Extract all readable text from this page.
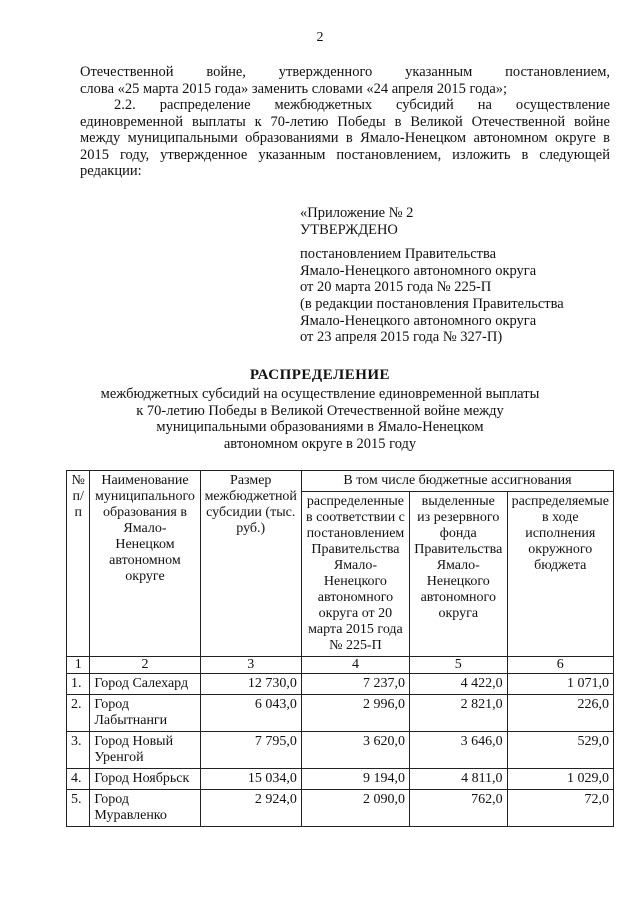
2
Отечественной войне, утвержденного указанным постановлением,
слова «25 марта 2015 года» заменить словами «24 апреля 2015 года»;
2.2. распределение межбюджетных субсидий на осуществление
единовременной выплаты к 70-летию Победы в Великой Отечественной войне
между муниципальными образованиями в Ямало-Ненецком автономном округе в
2015 году, утвержденное указанным постановлением, изложить в следующей
редакции:
«Приложение № 2
УТВЕРЖДЕНО
постановлением Правительства
Ямало-Ненецкого автономного округа
от 20 марта 2015 года № 225-П
(в редакции постановления Правительства
Ямало-Ненецкого автономного округа
от 23 апреля 2015 года № 327-П)
РАСПРЕДЕЛЕНИЕ
межбюджетных субсидий на осуществление единовременной выплаты
к 70-летию Победы в Великой Отечественной войне между
муниципальными образованиями в Ямало-Ненецком
автономном округе в 2015 году
№ п/п	Наименование муниципального образования в Ямало-Ненецком автономном округе	Размер межбюджетной субсидии (тыс. руб.)	В том числе бюджетные ассигнования		
			распределенные в соответствии с постановлением Правительства Ямало-Ненецкого автономного округа от 20 марта 2015 года № 225-П	выделенные из резервного фонда Правительства Ямало-Ненецкого автономного округа	распределяемые в ходе исполнения окружного бюджета
1	2	3	4	5	6
1.	Город Салехард	12 730,0	7 237,0	4 422,0	1 071,0
2.	Город Лабытнанги	6 043,0	2 996,0	2 821,0	226,0
3.	Город Новый Уренгой	7 795,0	3 620,0	3 646,0	529,0
4.	Город Ноябрьск	15 034,0	9 194,0	4 811,0	1 029,0
5.	Город Муравленко	2 924,0	2 090,0	762,0	72,0
